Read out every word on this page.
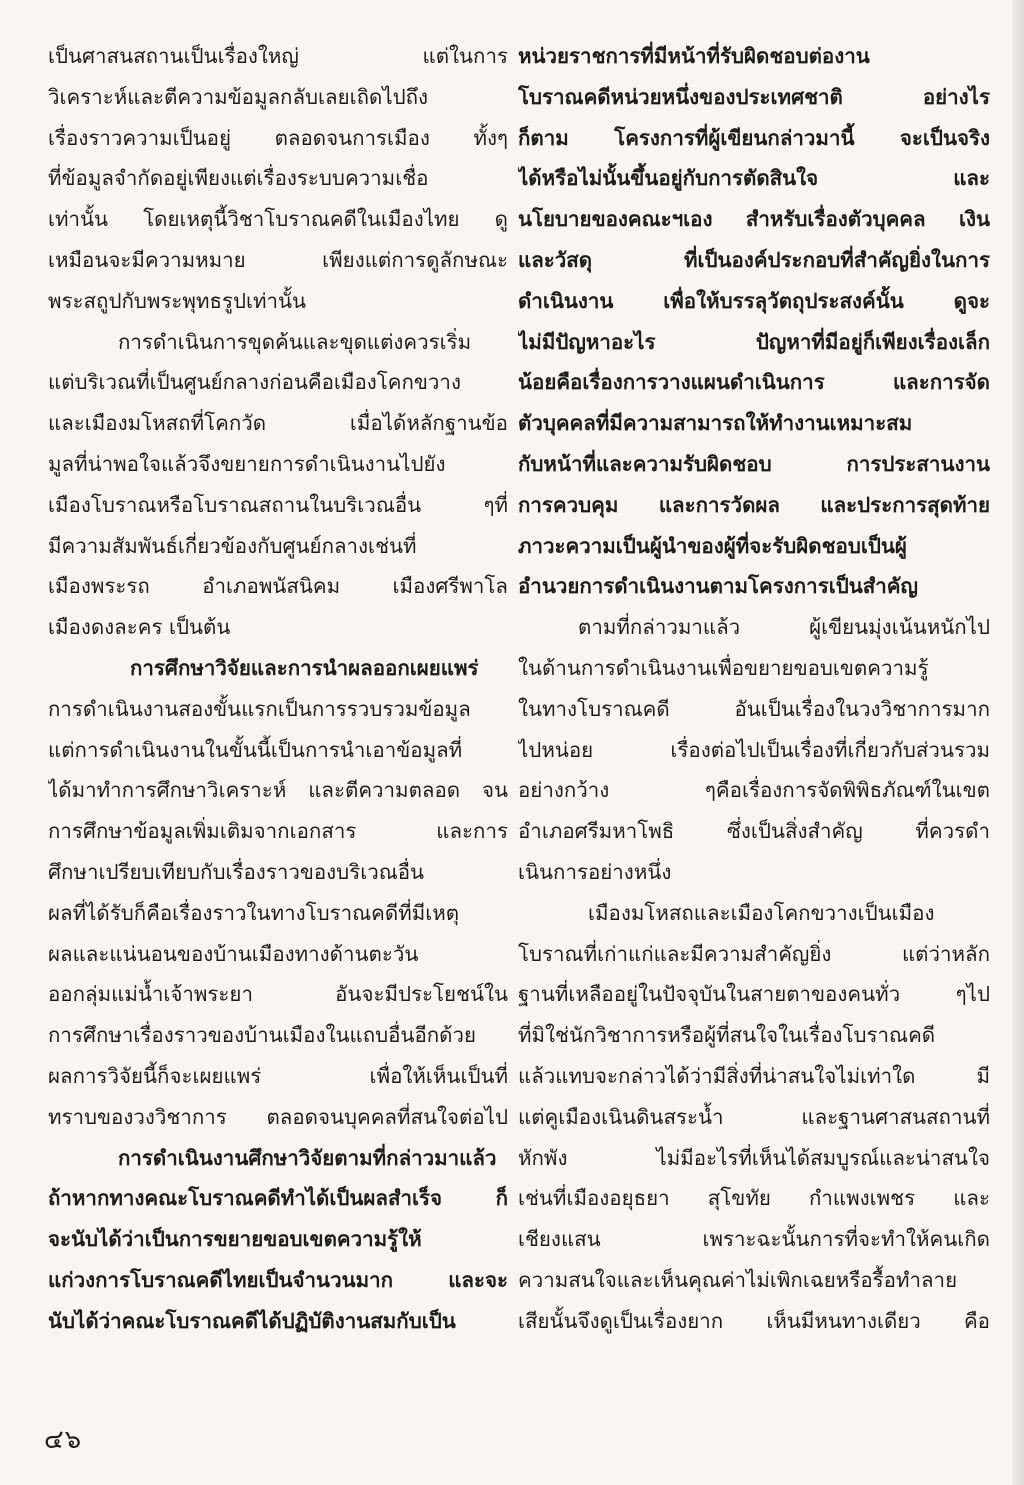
เป็นศาสนสถานเป็นเรื่องใหญ่ แต่ในการ
วิเคราะห์และตีความข้อมูลกลับเลยเถิดไปถึง
เรื่องราวความเป็นอยู่ ตลอดจนการเมือง ทั้งๆ
ที่ข้อมูลจำกัดอยู่เพียงแต่เรื่องระบบความเชื่อ
เท่านั้น โดยเหตุนี้วิชาโบราณคดีในเมืองไทย ดู
เหมือนจะมีความหมาย เพียงแต่การดูลักษณะ
พระสถูปกับพระพุทธรูปเท่านั้น
การดำเนินการขุดค้นและขุดแต่งควรเริ่ม
แต่บริเวณที่เป็นศูนย์กลางก่อนคือเมืองโคกขวาง
และเมืองมโหสถที่โคกวัด เมื่อได้หลักฐานข้อ
มูลที่น่าพอใจแล้วจึงขยายการดำเนินงานไปยัง
เมืองโบราณหรือโบราณสถานในบริเวณอื่น ๆที่
มีความสัมพันธ์เกี่ยวข้องกับศูนย์กลางเช่นที่
เมืองพระรถ อำเภอพนัสนิคม เมืองศรีพาโล
เมืองดงละคร เป็นต้น
การศึกษาวิจัยและการนำผลออกเผยแพร่
การดำเนินงานสองขั้นแรกเป็นการรวบรวมข้อมูล
แต่การดำเนินงานในขั้นนี้เป็นการนำเอาข้อมูลที่
ได้มาทำการศึกษาวิเคราะห์ และตีความตลอด จน
การศึกษาข้อมูลเพิ่มเติมจากเอกสาร และการ
ศึกษาเปรียบเทียบกับเรื่องราวของบริเวณอื่น
ผลที่ได้รับก็คือเรื่องราวในทางโบราณคดีที่มีเหตุ
ผลและแน่นอนของบ้านเมืองทางด้านตะวัน
ออกลุ่มแม่น้ำเจ้าพระยา อันจะมีประโยชน์ใน
การศึกษาเรื่องราวของบ้านเมืองในแถบอื่นอีกด้วย
ผลการวิจัยนี้ก็จะเผยแพร่ เพื่อให้เห็นเป็นที่
ทราบของวงวิชาการ ตลอดจนบุคคลที่สนใจต่อไป
การดำเนินงานศึกษาวิจัยตามที่กล่าวมาแล้ว
ถ้าหากทางคณะโบราณคดีทำได้เป็นผลสำเร็จ ก็
จะนับได้ว่าเป็นการขยายขอบเขตความรู้ให้
แก่วงการโบราณคดีไทยเป็นจำนวนมาก และจะ
นับได้ว่าคณะโบราณคดีได้ปฏิบัติงานสมกับเป็น
หน่วยราชการที่มีหน้าที่รับผิดชอบต่องาน
โบราณคดีหน่วยหนึ่งของประเทศชาติ อย่างไร
ก็ตาม โครงการที่ผู้เขียนกล่าวมานี้ จะเป็นจริง
ได้หรือไม่นั้นขึ้นอยู่กับการตัดสินใจ และ
นโยบายของคณะฯเอง สำหรับเรื่องตัวบุคคล เงิน
และวัสดุ ที่เป็นองค์ประกอบที่สำคัญยิ่งในการ
ดำเนินงาน เพื่อให้บรรลุวัตถุประสงค์นั้น ดูจะ
ไม่มีปัญหาอะไร ปัญหาที่มีอยู่ก็เพียงเรื่องเล็ก
น้อยคือเรื่องการวางแผนดำเนินการ และการจัด
ตัวบุคคลที่มีความสามารถให้ทำงานเหมาะสม
กับหน้าที่และความรับผิดชอบ การประสานงาน
การควบคุม และการวัดผล และประการสุดท้าย
ภาวะความเป็นผู้นำของผู้ที่จะรับผิดชอบเป็นผู้
อำนวยการดำเนินงานตามโครงการเป็นสำคัญ
ตามที่กล่าวมาแล้ว ผู้เขียนมุ่งเน้นหนักไป
ในด้านการดำเนินงานเพื่อขยายขอบเขตความรู้
ในทางโบราณคดี อันเป็นเรื่องในวงวิชาการมาก
ไปหน่อย เรื่องต่อไปเป็นเรื่องที่เกี่ยวกับส่วนรวม
อย่างกว้าง ๆคือเรื่องการจัดพิพิธภัณฑ์ในเขต
อำเภอศรีมหาโพธิ ซึ่งเป็นสิ่งสำคัญ ที่ควรดำ
เนินการอย่างหนึ่ง
เมืองมโหสถและเมืองโคกขวางเป็นเมือง
โบราณที่เก่าแก่และมีความสำคัญยิ่ง แต่ว่าหลัก
ฐานที่เหลืออยู่ในปัจจุบันในสายตาของคนทั่ว ๆไป
ที่มิใช่นักวิชาการหรือผู้ที่สนใจในเรื่องโบราณคดี
แล้วแทบจะกล่าวได้ว่ามีสิ่งที่น่าสนใจไม่เท่าใด มี
แต่คูเมืองเนินดินสระน้ำ และฐานศาสนสถานที่
หักพัง ไม่มีอะไรที่เห็นได้สมบูรณ์และน่าสนใจ
เช่นที่เมืองอยุธยา สุโขทัย กำแพงเพชร และ
เชียงแสน เพราะฉะนั้นการที่จะทำให้คนเกิด
ความสนใจและเห็นคุณค่าไม่เพิกเฉยหรือรื้อทำลาย
เสียนั้นจึงดูเป็นเรื่องยาก เห็นมีหนทางเดียว คือ
๔๖
